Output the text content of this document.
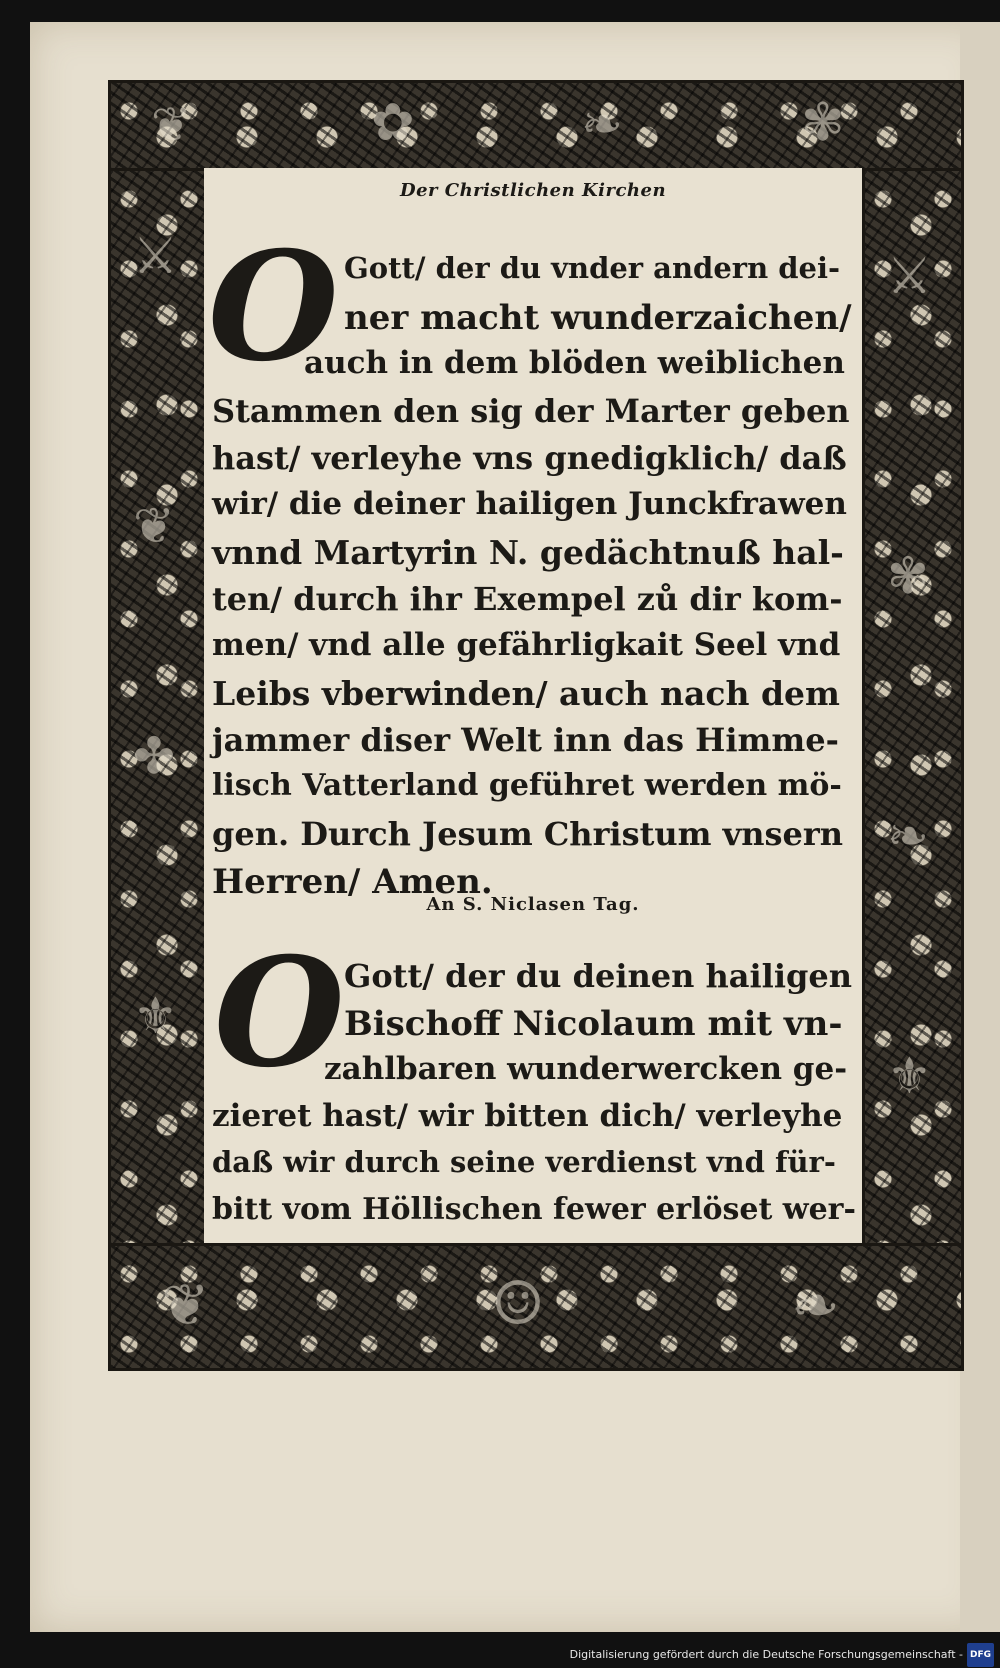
❦	✿	❧	✾
⚔
❦
✤
⚜
⚔
✾
❧
⚜
❦	☺	❧
Der Christlichen Kirchen
O Gott/ der du vnder andern dei-
ner macht wunderzaichen/
auch in dem blöden weiblichen
Stammen den sig der Marter geben
hast/ verleyhe vns gnedigklich/ daß
wir/ die deiner hailigen Junckfrawen
vnnd Martyrin N. gedächtnuß hal-
ten/ durch ihr Exempel zů dir kom-
men/ vnd alle gefährligkait Seel vnd
Leibs vberwinden/ auch nach dem
jammer diser Welt inn das Himme-
lisch Vatterland geführet werden mö-
gen. Durch Jesum Christum vnsern
Herren/ Amen.
An S. Niclasen Tag.
O Gott/ der du deinen hailigen
Bischoff Nicolaum mit vn-
zahlbaren wunderwercken ge-
zieret hast/ wir bitten dich/ verleyhe
daß wir durch seine verdienst vnd für-
bitt vom Höllischen fewer erlöset wer-
Digitalisierung gefördert durch die Deutsche Forschungsgemeinschaft - DFG
